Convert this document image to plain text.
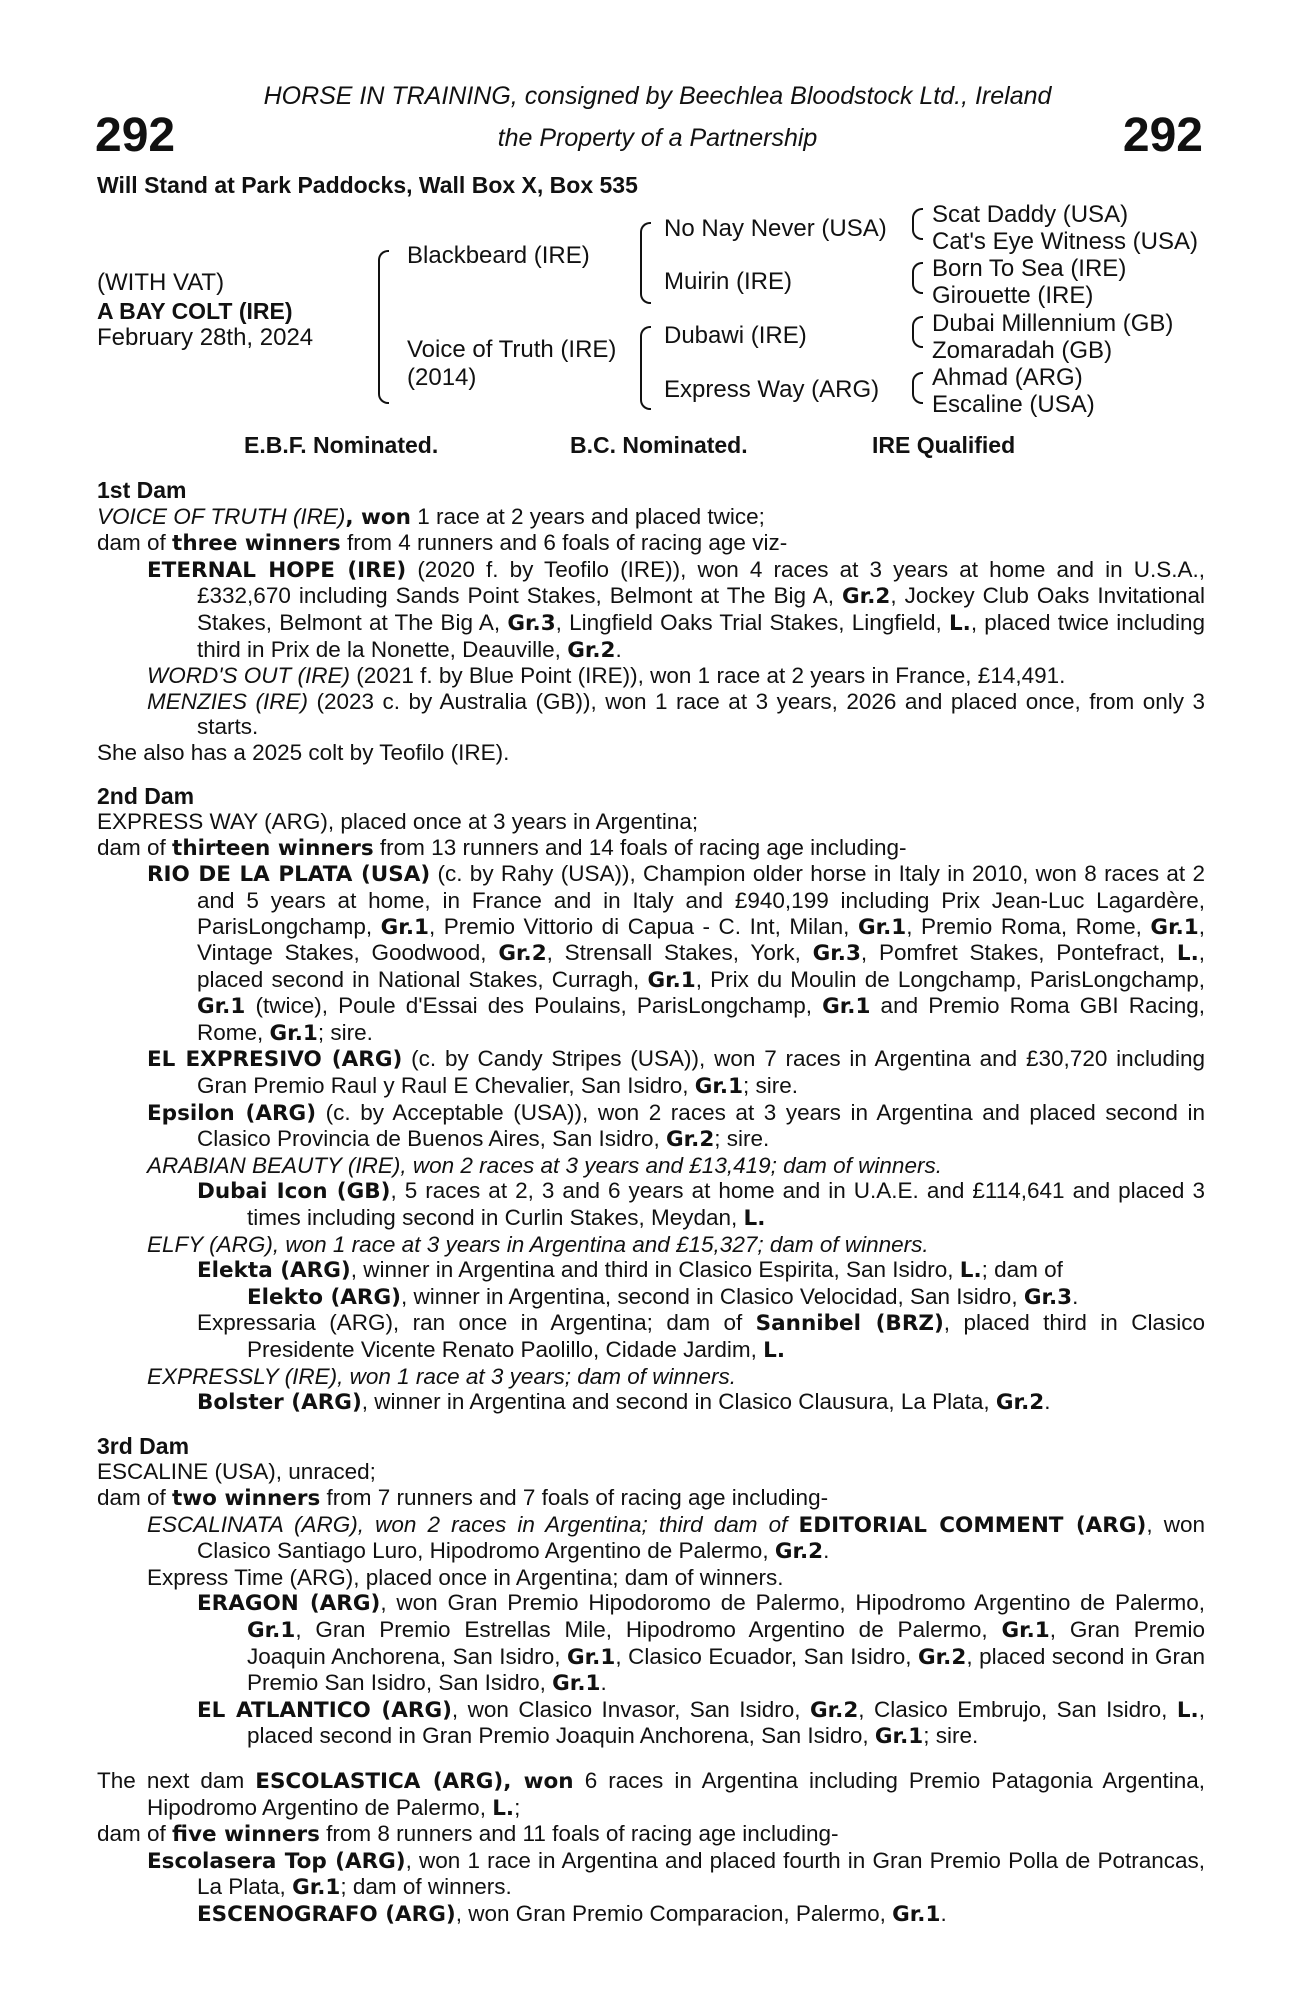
292	292
HORSE IN TRAINING, consigned by Beechlea Bloodstock Ltd., Ireland
the Property of a Partnership
Will Stand at Park Paddocks, Wall Box X, Box 535
(WITH VAT)
A BAY COLT (IRE)
February 28th, 2024
Blackbeard (IRE)
Voice of Truth (IRE)
(2014)
No Nay Never (USA)
Muirin (IRE)
Dubawi (IRE)
Express Way (ARG)
Scat Daddy (USA)
Cat's Eye Witness (USA)
Born To Sea (IRE)
Girouette (IRE)
Dubai Millennium (GB)
Zomaradah (GB)
Ahmad (ARG)
Escaline (USA)
E.B.F. Nominated.	B.C. Nominated.	IRE Qualified

1st Dam

VOICE OF TRUTH (IRE), won 1 race at 2 years and placed twice;

dam of three winners from 4 runners and 6 foals of racing age viz-

ETERNAL HOPE (IRE) (2020 f. by Teofilo (IRE)), won 4 races at 3 years at home and in U.S.A., £332,670 including Sands Point Stakes, Belmont at The Big A, Gr.2, Jockey Club Oaks Invitational Stakes, Belmont at The Big A, Gr.3, Lingfield Oaks Trial Stakes, Lingfield, L., placed twice including third in Prix de la Nonette, Deauville, Gr.2.

WORD'S OUT (IRE) (2021 f. by Blue Point (IRE)), won 1 race at 2 years in France, £14,491.

MENZIES (IRE) (2023 c. by Australia (GB)), won 1 race at 3 years, 2026 and placed once, from only 3 starts.

She also has a 2025 colt by Teofilo (IRE).

2nd Dam

EXPRESS WAY (ARG), placed once at 3 years in Argentina;

dam of thirteen winners from 13 runners and 14 foals of racing age including-

RIO DE LA PLATA (USA) (c. by Rahy (USA)), Champion older horse in Italy in 2010, won 8 races at 2 and 5 years at home, in France and in Italy and £940,199 including Prix Jean-Luc Lagardère, ParisLongchamp, Gr.1, Premio Vittorio di Capua - C. Int, Milan, Gr.1, Premio Roma, Rome, Gr.1, Vintage Stakes, Goodwood, Gr.2, Strensall Stakes, York, Gr.3, Pomfret Stakes, Pontefract, L., placed second in National Stakes, Curragh, Gr.1, Prix du Moulin de Longchamp, ParisLongchamp, Gr.1 (twice), Poule d'Essai des Poulains, ParisLongchamp, Gr.1 and Premio Roma GBI Racing, Rome, Gr.1; sire.

EL EXPRESIVO (ARG) (c. by Candy Stripes (USA)), won 7 races in Argentina and £30,720 including Gran Premio Raul y Raul E Chevalier, San Isidro, Gr.1; sire.

Epsilon (ARG) (c. by Acceptable (USA)), won 2 races at 3 years in Argentina and placed second in Clasico Provincia de Buenos Aires, San Isidro, Gr.2; sire.

ARABIAN BEAUTY (IRE), won 2 races at 3 years and £13,419; dam of winners.

Dubai Icon (GB), 5 races at 2, 3 and 6 years at home and in U.A.E. and £114,641 and placed 3 times including second in Curlin Stakes, Meydan, L.

ELFY (ARG), won 1 race at 3 years in Argentina and £15,327; dam of winners.

Elekta (ARG), winner in Argentina and third in Clasico Espirita, San Isidro, L.; dam of

Elekto (ARG), winner in Argentina, second in Clasico Velocidad, San Isidro, Gr.3.

Expressaria (ARG), ran once in Argentina; dam of Sannibel (BRZ), placed third in Clasico Presidente Vicente Renato Paolillo, Cidade Jardim, L.

EXPRESSLY (IRE), won 1 race at 3 years; dam of winners.

Bolster (ARG), winner in Argentina and second in Clasico Clausura, La Plata, Gr.2.

3rd Dam

ESCALINE (USA), unraced;

dam of two winners from 7 runners and 7 foals of racing age including-

ESCALINATA (ARG), won 2 races in Argentina; third dam of EDITORIAL COMMENT (ARG), won Clasico Santiago Luro, Hipodromo Argentino de Palermo, Gr.2.

Express Time (ARG), placed once in Argentina; dam of winners.

ERAGON (ARG), won Gran Premio Hipodoromo de Palermo, Hipodromo Argentino de Palermo, Gr.1, Gran Premio Estrellas Mile, Hipodromo Argentino de Palermo, Gr.1, Gran Premio Joaquin Anchorena, San Isidro, Gr.1, Clasico Ecuador, San Isidro, Gr.2, placed second in Gran Premio San Isidro, San Isidro, Gr.1.

EL ATLANTICO (ARG), won Clasico Invasor, San Isidro, Gr.2, Clasico Embrujo, San Isidro, L., placed second in Gran Premio Joaquin Anchorena, San Isidro, Gr.1; sire.

The next dam ESCOLASTICA (ARG), won 6 races in Argentina including Premio Patagonia Argentina, Hipodromo Argentino de Palermo, L.;

dam of five winners from 8 runners and 11 foals of racing age including-

Escolasera Top (ARG), won 1 race in Argentina and placed fourth in Gran Premio Polla de Potrancas, La Plata, Gr.1; dam of winners.

ESCENOGRAFO (ARG), won Gran Premio Comparacion, Palermo, Gr.1.
